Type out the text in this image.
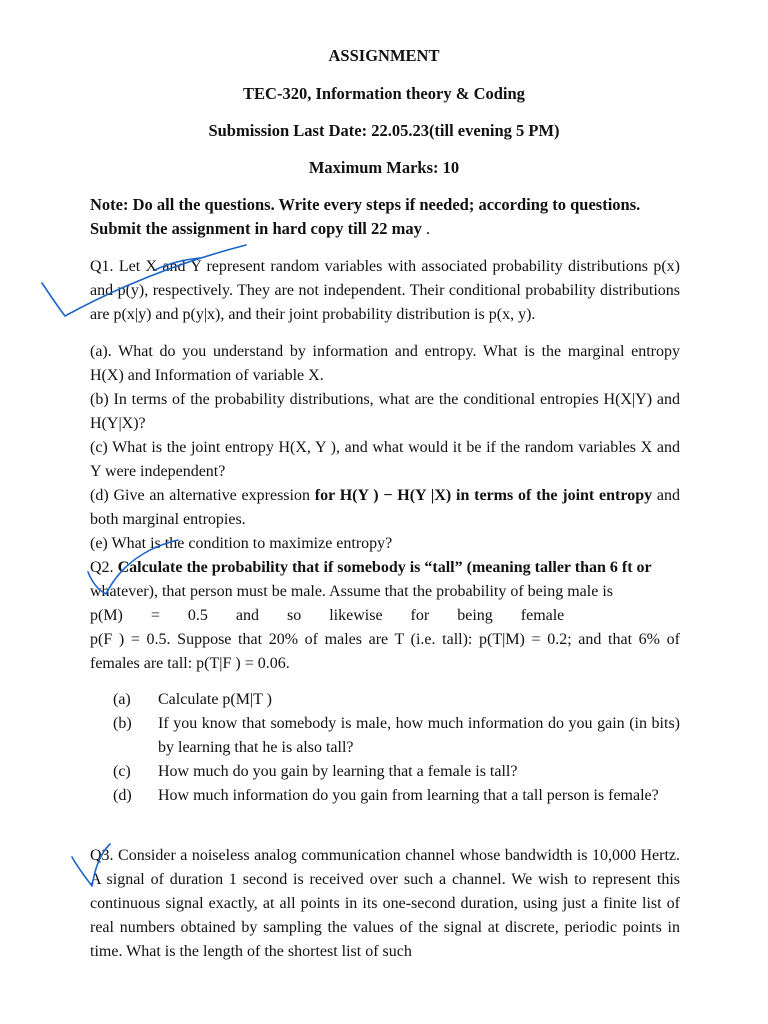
ASSIGNMENT
TEC-320, Information theory & Coding
Submission Last Date: 22.05.23(till evening 5 PM)
Maximum Marks: 10
Note: Do all the questions. Write every steps if needed; according to questions.
Submit the assignment in hard copy till 22 may .
Q1. Let X and Y represent random variables with associated probability distributions p(x) and p(y), respectively. They are not independent. Their conditional probability distributions are p(x|y) and p(y|x), and their joint probability distribution is p(x, y).

(a). What do you understand by information and entropy. What is the marginal entropy H(X) and Information of variable X.

(b) In terms of the probability distributions, what are the conditional entropies H(X|Y) and H(Y|X)?

(c) What is the joint entropy H(X, Y ), and what would it be if the random variables X and Y were independent?

(d) Give an alternative expression for H(Y ) − H(Y |X) in terms of the joint entropy and both marginal entropies.

(e) What is the condition to maximize entropy?

Q2. Calculate the probability that if somebody is “tall” (meaning taller than 6 ft or

whatever), that person must be male. Assume that the probability of being male is

p(M)       =       0.5       and       so       likewise       for       being       female

p(F ) = 0.5. Suppose that 20% of males are T (i.e. tall): p(T|M) = 0.2; and that 6% of females are tall: p(T|F ) = 0.06.

(a) Calculate p(M|T )
(b) If you know that somebody is male, how much information do you gain (in bits) by learning that he is also tall?
(c) How much do you gain by learning that a female is tall?
(d) How much information do you gain from learning that a tall person is female?
Q3. Consider a noiseless analog communication channel whose bandwidth is 10,000 Hertz. A signal of duration 1 second is received over such a channel. We wish to represent this continuous signal exactly, at all points in its one-second duration, using just a finite list of real numbers obtained by sampling the values of the signal at discrete, periodic points in time. What is the length of the shortest list of such
